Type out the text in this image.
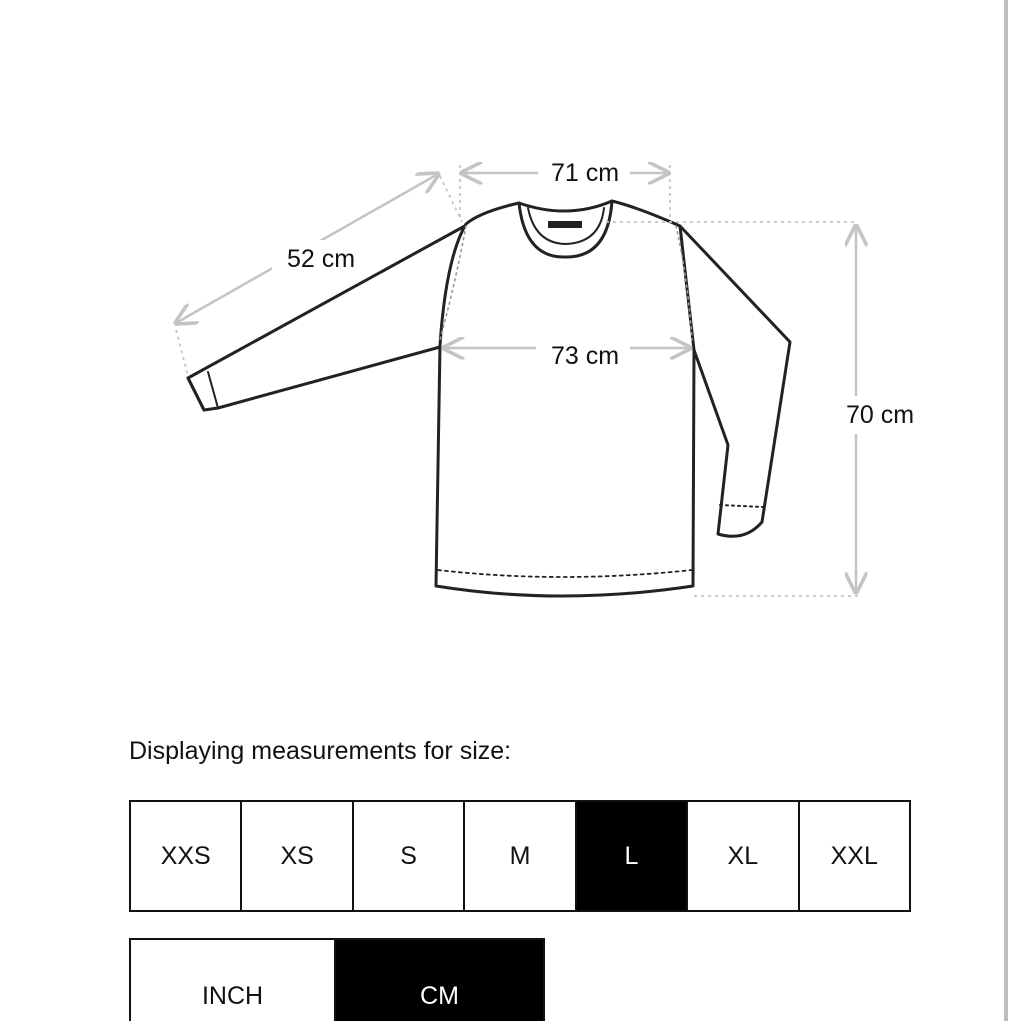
71 cm
52 cm
73 cm
70 cm
Displaying measurements for size:
XXS	XS	S	M	L	XL	XXL
INCH	CM
